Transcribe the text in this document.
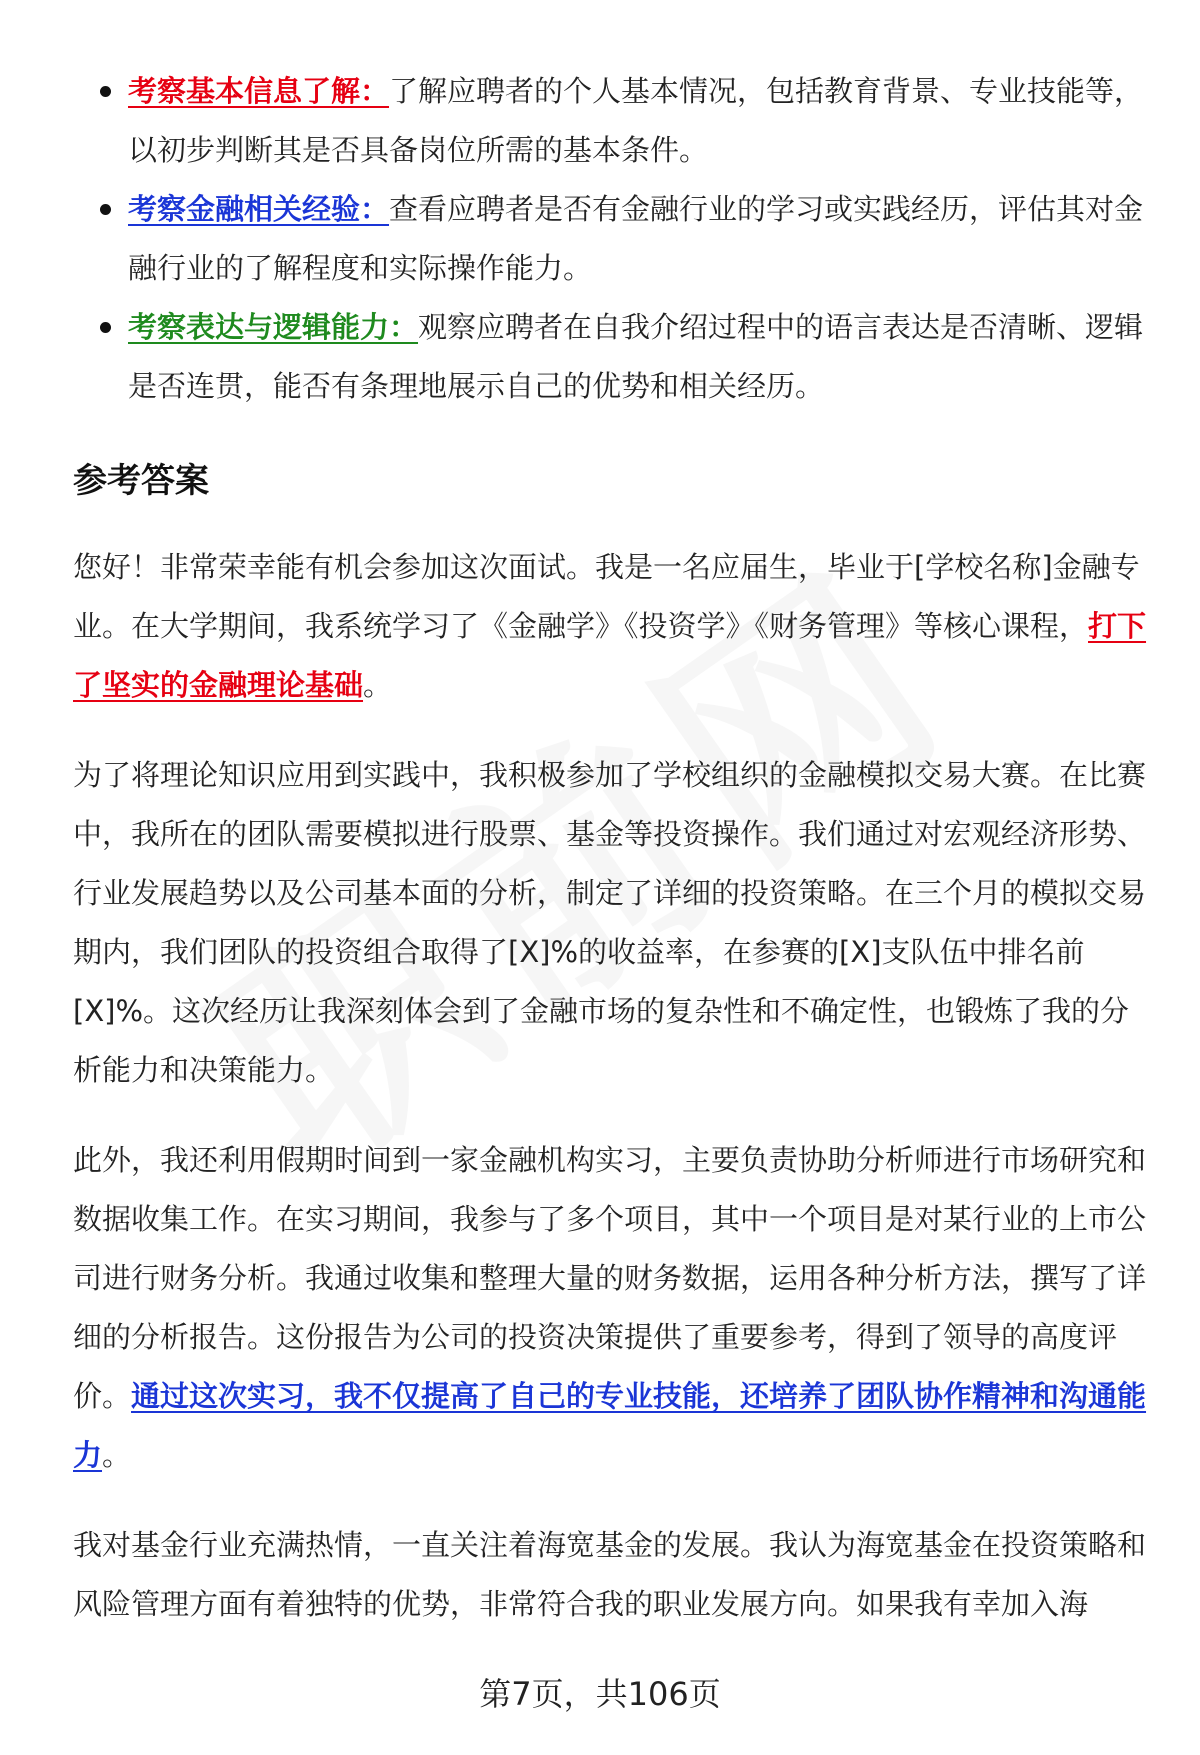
考察基本信息了解：了解应聘者的个人基本情况，包括教育背景、专业技能等，以初步判断其是否具备岗位所需的基本条件。
考察金融相关经验：查看应聘者是否有金融行业的学习或实践经历，评估其对金融行业的了解程度和实际操作能力。
考察表达与逻辑能力：观察应聘者在自我介绍过程中的语言表达是否清晰、逻辑是否连贯，能否有条理地展示自己的优势和相关经历。
参考答案

您好！非常荣幸能有机会参加这次面试。我是一名应届生，毕业于[学校名称]金融专业。在大学期间，我系统学习了《金融学》《投资学》《财务管理》等核心课程，打下了坚实的金融理论基础。

为了将理论知识应用到实践中，我积极参加了学校组织的金融模拟交易大赛。在比赛中，我所在的团队需要模拟进行股票、基金等投资操作。我们通过对宏观经济形势、行业发展趋势以及公司基本面的分析，制定了详细的投资策略。在三个月的模拟交易期内，我们团队的投资组合取得了[X]%的收益率，在参赛的[X]支队伍中排名前[X]%。这次经历让我深刻体会到了金融市场的复杂性和不确定性，也锻炼了我的分析能力和决策能力。

此外，我还利用假期时间到一家金融机构实习，主要负责协助分析师进行市场研究和数据收集工作。在实习期间，我参与了多个项目，其中一个项目是对某行业的上市公司进行财务分析。我通过收集和整理大量的财务数据，运用各种分析方法，撰写了详细的分析报告。这份报告为公司的投资决策提供了重要参考，得到了领导的高度评价。通过这次实习，我不仅提高了自己的专业技能，还培养了团队协作精神和沟通能力。

我对基金行业充满热情，一直关注着海宽基金的发展。我认为海宽基金在投资策略和风险管理方面有着独特的优势，非常符合我的职业发展方向。如果我有幸加入海

第7页，共106页
